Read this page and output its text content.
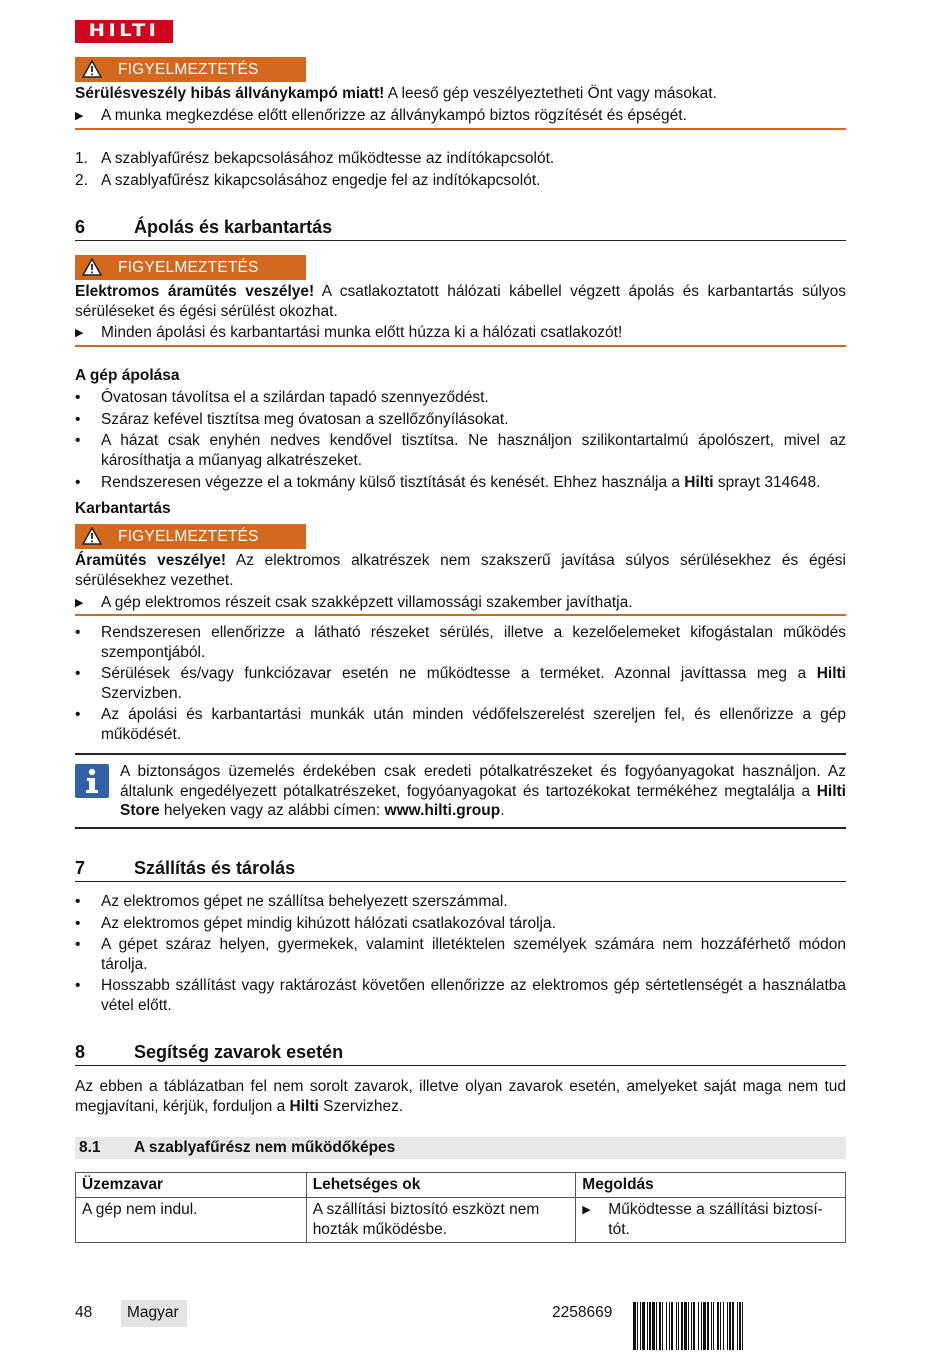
HILTI
FIGYELMEZTETÉS
Sérülésveszély hibás állványkampó miatt! A leeső gép veszélyeztetheti Önt vagy másokat.
▶	A munka megkezdése előtt ellenőrizze az állványkampó biztos rögzítését és épségét.
1. A szablyafűrész bekapcsolásához működtesse az indítókapcsolót.
2. A szablyafűrész kikapcsolásához engedje fel az indítókapcsolót.
6	Ápolás és karbantartás
FIGYELMEZTETÉS
Elektromos áramütés veszélye! A csatlakoztatott hálózati kábellel végzett ápolás és karbantartás súlyos sérüléseket és égési sérülést okozhat.
▶	Minden ápolási és karbantartási munka előtt húzza ki a hálózati csatlakozót!
A gép ápolása
•	Óvatosan távolítsa el a szilárdan tapadó szennyeződést.
•	Száraz kefével tisztítsa meg óvatosan a szellőzőnyílásokat.
•	A házat csak enyhén nedves kendővel tisztítsa. Ne használjon szilikontartalmú ápolószert, mivel az károsíthatja a műanyag alkatrészeket.
•	Rendszeresen végezze el a tokmány külső tisztítását és kenését. Ehhez használja a Hilti sprayt 314648.
Karbantartás
FIGYELMEZTETÉS
Áramütés veszélye! Az elektromos alkatrészek nem szakszerű javítása súlyos sérülésekhez és égési sérülésekhez vezethet.
▶	A gép elektromos részeit csak szakképzett villamossági szakember javíthatja.
•	Rendszeresen ellenőrizze a látható részeket sérülés, illetve a kezelőelemeket kifogástalan működés szempontjából.
•	Sérülések és/vagy funkciózavar esetén ne működtesse a terméket. Azonnal javíttassa meg a Hilti Szervizben.
•	Az ápolási és karbantartási munkák után minden védőfelszerelést szereljen fel, és ellenőrizze a gép működését.
A biztonságos üzemelés érdekében csak eredeti pótalkatrészeket és fogyóanyagokat használjon. Az általunk engedélyezett pótalkatrészeket, fogyóanyagokat és tartozékokat termékéhez megtalálja a Hilti Store helyeken vagy az alábbi címen: www.hilti.group.
7	Szállítás és tárolás
•	Az elektromos gépet ne szállítsa behelyezett szerszámmal.
•	Az elektromos gépet mindig kihúzott hálózati csatlakozóval tárolja.
•	A gépet száraz helyen, gyermekek, valamint illetéktelen személyek számára nem hozzáférhető módon tárolja.
•	Hosszabb szállítást vagy raktározást követően ellenőrizze az elektromos gép sértetlenségét a használatba vétel előtt.
8	Segítség zavarok esetén
Az ebben a táblázatban fel nem sorolt zavarok, illetve olyan zavarok esetén, amelyeket saját maga nem tud megjavítani, kérjük, forduljon a Hilti Szervizhez.
8.1 A szablyafűrész nem működőképes
Üzemzavar	Lehetséges ok	Megoldás
A gép nem indul.	A szállítási biztosító eszközt nem hozták működésbe.	▶ Működtesse a szállítási biztosítót.
48 Magyar	2258669
